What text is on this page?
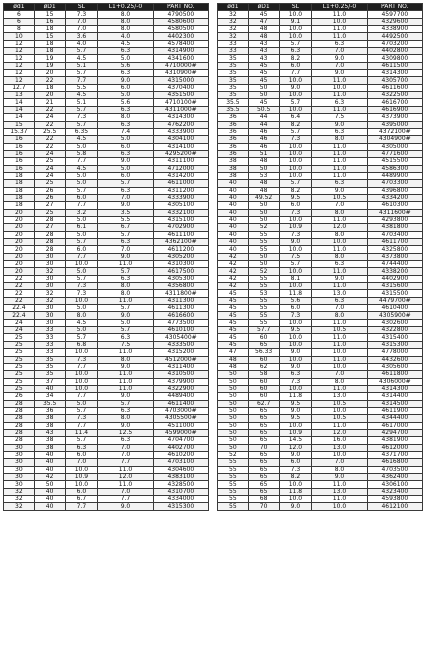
ød1	øD1	SL	L1+0.25/-0	PART NO.
6	15	7.3	8.0	4790500
6	16	7.0	8.0	4580600
8	18	7.0	8.0	4580500
10	15	3.6	4.0	4402300
12	18	4.0	4.5	4578400
12	18	5.7	6.3	4314900
12	19	4.5	5.0	4341600
12	19	5.1	5.6	4710000#
12	20	5.7	6.3	4310900#
12	22	7.7	9.0	4315000
12.7	18	5.5	6.0	4370400
13	20	4.5	5.0	4351500
14	21	5.1	5.6	4710100#
14	22	5.7	6.3	4311000#
14	24	7.3	8.0	4314300
15	22	5.7	6.3	4762200
15.37	25.5	6.35	7.4	4333900
16	22	4.5	5.0	4304100
16	22	5.0	6.0	4314100
16	24	5.8	6.3	4295200#
16	25	7.7	9.0	4311100
16	24	4.5	5.0	4712000
18	24	5.0	6.0	4314200
18	25	5.0	5.7	4611000
18	26	5.7	6.3	4311200
18	26	6.0	7.0	4333900
18	27	7.7	9.0	4305100
20	25	3.2	3.5	4332100
20	28	5.0	5.5	4315100
20	27	6.1	6.7	4702900
20	28	5.0	5.7	4611100
20	28	5.7	6.3	4362100#
20	28	6.0	7.0	4611200
20	30	7.7	9.0	4305200
20	30	10.0	11.0	4310300
20	32	5.0	5.7	4617500
22	30	5.7	6.3	4305300
22	30	7.3	8.0	4356800
22	32	7.3	8.0	4311800#
22	32	10.0	11.0	4311300
22.4	30	5.0	5.7	4611300
22.4	30	8.0	9.0	4616600
24	30	4.5	5.0	4773500
24	33	5.0	5.7	4610100
25	33	5.7	6.3	4305400#
25	33	6.8	7.5	4333500
25	33	10.0	11.0	4315200
25	35	7.3	8.0	4512000#
25	35	7.7	9.0	4311400
25	35	10.0	11.0	4310500
25	37	10.0	11.0	4379900
25	40	10.0	11.0	4322900
26	34	7.7	9.0	4489400
28	35.5	5.0	5.7	4611400
28	36	5.7	6.3	4703000#
28	38	7.3	8.0	4305500#
28	38	7.7	9.0	4511000
28	43	11.4	12.5	4599000#
28	38	5.7	6.3	4704700
30	38	6.3	7.0	4402700
30	40	6.0	7.0	4610200
30	40	7.0	7.7	4703100
30	40	10.0	11.0	4304600
30	42	10.9	12.0	4383100
30	50	10.0	11.0	4328500
32	40	6.0	7.0	4310700
32	40	6.7	7.7	4334000
32	40	7.7	9.0	4315300
ød1	øD1	SL	L1+0.25/-0	PART NO.
32	45	10.0	11.0	4597700
32	47	9.1	10.0	4329600
32	48	10.0	11.0	4338900
32	48	10.0	11.0	4492500
33	43	5.7	6.3	4703200
33	43	6.3	7.0	4402800
35	43	8.2	9.0	4309800
35	45	6.0	7.0	4611500
35	45	7.7	9.0	4314300
35	45	10.0	11.0	4305700
35	50	9.0	10.0	4611600
35	50	10.0	11.0	4322500
35.5	45	5.7	6.3	4616700
35.5	50.5	10.0	11.0	4616900
36	44	6.4	7.5	4373900
36	44	8.2	9.0	4395000
36	46	5.7	6.3	4372100#
36	46	7.3	8.0	4304900#
36	46	10.0	11.0	4305000
36	51	10.0	11.0	4771600
38	48	10.0	11.0	4515500
38	50	10.0	11.0	4586300
38	53	10.0	11.0	4489900
40	48	5.7	6.3	4703300
40	48	8.2	9.0	4396800
40	49.52	9.5	10.5	4334200
40	50	6.0	7.0	4610300
40	50	7.3	8.0	4311600#
40	50	10.0	11.0	4293800
40	52	10.9	12.0	4381800
40	55	7.3	8.0	4703400
40	55	9.0	10.0	4611700
40	55	10.0	11.0	4325800
42	50	7.5	8.0	4373800
42	50	5.7	6.3	4744400
42	52	10.0	11.0	4338200
42	55	8.1	9.0	4402900
42	55	10.0	11.0	4315600
45	53	11.8	13.0	4315500
45	55	5.6	6.3	4479700#
45	55	6.0	7.0	4610400
45	55	7.3	8.0	4305900#
45	55	10.0	11.0	4302600
45	57.7	9.5	10.5	4322800
45	60	10.0	11.0	4315400
45	65	10.0	11.0	4315300
47	56.33	9.0	10.0	4778000
48	60	10.0	11.0	4432600
48	62	9.0	10.0	4305600
50	58	6.3	7.0	4611800
50	60	7.3	8.0	4306000#
50	60	10.0	11.0	4314300
50	60	11.8	13.0	4314400
50	62.7	9.5	10.5	4314500
50	65	9.0	10.0	4611900
50	65	9.5	10.5	4344400
50	65	10.0	11.0	4617000
50	65	10.9	12.0	4294700
50	65	14.5	16.0	4381900
50	70	12.0	13.0	4612000
52	65	9.0	10.0	4371700
55	65	6.0	7.0	4616800
55	65	7.3	8.0	4703500
55	65	8.2	9.0	4362400
55	65	10.0	11.0	4306100
55	65	11.8	13.0	4323400
55	68	10.0	11.0	4593800
55	70	9.0	10.0	4612100
